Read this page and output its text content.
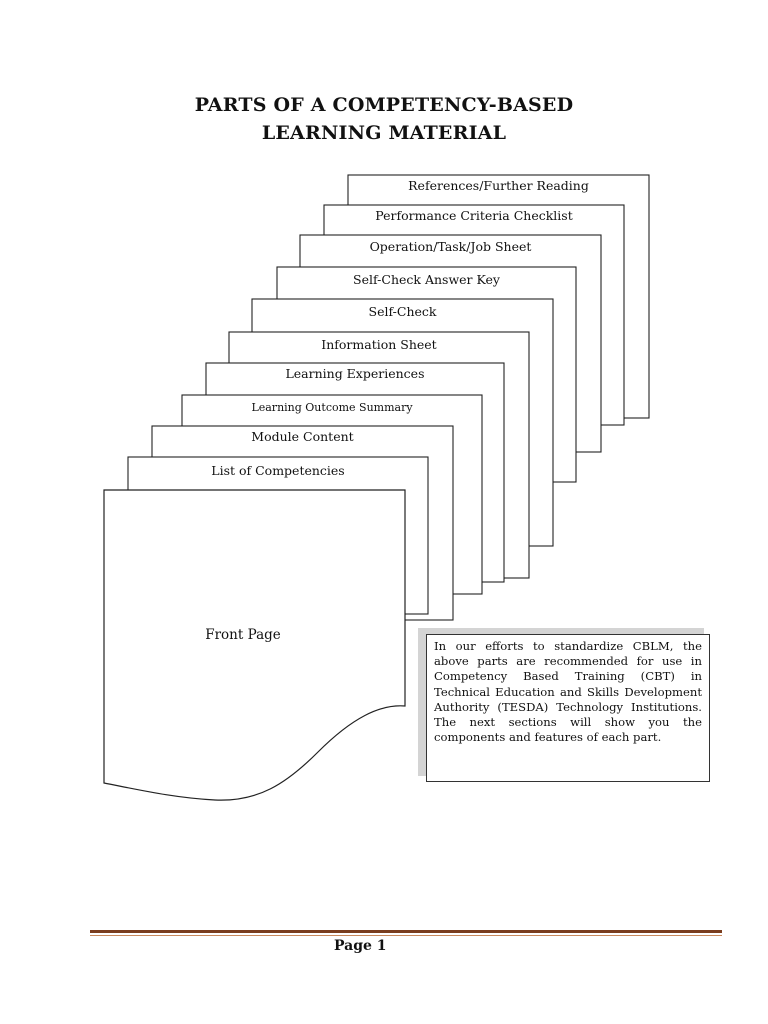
PARTS OF A COMPETENCY-BASED
LEARNING MATERIAL
References/Further Reading
Performance Criteria Checklist
Operation/Task/Job Sheet
Self-Check Answer Key
Self-Check
Information Sheet
Learning Experiences
Learning Outcome Summary
Module Content
List of Competencies
Front Page
In our efforts to standardize CBLM, the above parts are recommended for use in Competency Based Training (CBT) in Technical Education and Skills Development Authority (TESDA) Technology Institutions. The next sections will show you the components and features of each part.
Page 1
